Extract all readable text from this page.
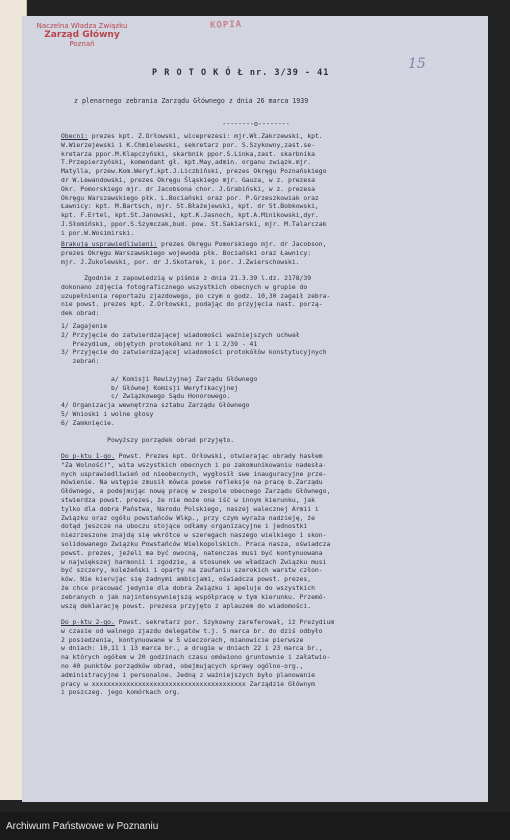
Naczelna Władza Związku
Zarząd Główny
Poznań
KOPIA
15
P R O T O K Ó Ł nr. 3/39 - 41
z plenarnego zebrania Zarządu Głównego z dnia 26 marca 1939
--------o--------
Obecni: prezes kpt. Z.Orłowski, wiceprezesi: mjr.Wł.Zakrzewski, kpt.
W.Wierzejewski i K.Chmielewski, sekretarz por. S.Szykowny,zast.se-
kretarza ppor.M.Klapczyński, skarbnik ppor.S.Linka,zast. skarbnika
T.Przepierzyński, komendant gł. kpt.May,admin. organu związk.mjr.
Matylla, przew.Kom.Weryf.kpt.J.Liczbiński, prezes Okręgu Poznańskiego
dr W.Lewandowski, prezes Okręgu Śląskiego mjr. Gauza, w z. prezesa
Okr. Pomorskiego mjr. dr Jacobsona chor. J.Grabiński, w z. prezesa
Okręgu Warszawskiego płk. L.Bociański oraz por. P.Grzeszkowiak oraz
Ławnicy: kpt. M.Bartsch, mjr. St.Błażejewski, kpt. dr St.Bobkowski,
kpt. F.Ertel, kpt.St.Janowski, kpt.K.Jasnoch, kpt.A.Minikowski,dyr.
J.Słomiński, ppor.S.Szymczak,bud. pow. St.Sakiarski, mjr. M.Talarczak
i por.W.Wosimirski.
Brakują usprawiedliwieni: prezes Okręgu Pomorskiego mjr. dr Jacobson,
prezes Okręgu Warszawskiego wojewoda płk. Bociański oraz Ławnicy:
mjr. J.Żukolewski, por. dr J.Skotarek, i por. J.Zwierschowski.
Zgodnie z zapowiedzią w piśmie z dnia 21.3.39 l.dz. 2178/39
dokonano zdjęcia fotograficznego wszystkich obecnych w grupie do
uzupełnienia reportażu zjazdowego, po czym o godz. 10,30 zagaił zebra-
nie powst. prezes kpt. Z.Orłowski, podając do przyjęcia nast. porzą-
dek obrad:
1/ Zagajenie
2/ Przyjęcie do zatwierdzającej wiadomości ważniejszych uchwał
Prezydium, objętych protokółami nr 1 i 2/39 - 41
3/ Przyjęcie do zatwierdzającej wiadomości protokółów konstytucyjnych
zebrań:

a/ Komisji Rewizyjnej Zarządu Głównego
b/ Głównej Komisji Weryfikacyjnej
c/ Związkowego Sądu Honorowego.
4/ Organizacja wewnętrzna sztabu Zarządu Głównego
5/ Wnioski i wolne głosy
6/ Zamknięcie.
Powyższy porządek obrad przyjęto.
Do p-ktu 1-go. Powst. Prezes kpt. Orłowski, otwierając obrady hasłem
"Za Wolność!", wita wszystkich obecnych i po zakomunikowaniu nadesła-
nych usprawiedliwień od nieobecnych, wygłosił swe inauguracyjne prze-
mówienie. Na wstępie zmusił mówca powse refleksje na pracę b.Zarządu
Głównego, a podejmując nową pracę w zespole obecnego Zarządu Głównego,
stwierdza powst. prezes, że nie może ona iść w innym kierunku, jak
tylko dla dobra Państwa, Narodu Polskiego, naszej walecznej Armii i
Związku oraz ogółu powstańców Wlkp., przy czym wyraża nadzieję, że
dotąd jeszcze na uboczu stojące odłamy organizacyjne i jednostki
niezrzeszone znajdą się wkrótce w szeregach naszego wielkiego i skon-
solidowanego Związku Powstańców Wielkopolskich. Praca nasza, oświadcza
powst. prezes, jeżeli ma być owocną, natenczas musi być kontynuowana
w największej harmonii i zgodzie, a stosunek we władzach Związku musi
być szczery, koleżeński i oparty na zaufaniu szerokich warstw człon-
ków. Nie kierując się żadnymi ambicjami, oświadcza powst. prezes,
że chce pracować jedynie dla dobra Związku i apeluje do wszystkich
zebranych o jak najintensywniejszą współpracę w tym kierunku. Przemó-
wszą deklarację powst. prezesa przyjęto z aplauzem do wiadomości.
Do p-ktu 2-go. Powst. sekretarz por. Szykowny zareferował, iż Prezydium
w czasie od walnego zjazdu delegatów t.j. 5 marca br. do dziś odbyło
2 posiedzenia, kontynuowane w 5 wieczorach, mianowicie pierwsze
w dniach: 10,11 i 13 marca br., a drugie w dniach 22 i 23 marca br.,
na których ogółem w 20 godzinach czasu omówiono gruntownie i załatwio-
no 40 punktów porządków obrad, obejmujących sprawy ogólno-org.,
administracyjne i personalne. Jedną z ważniejszych było planowanie
pracy w xxxxxxxxxxxxxxxxxxxxxxxxxxxxxxxxxxxxxxxx Zarządzie Głównym
i poszczeg. jego komórkach org.
Archiwum Państwowe w Poznaniu
